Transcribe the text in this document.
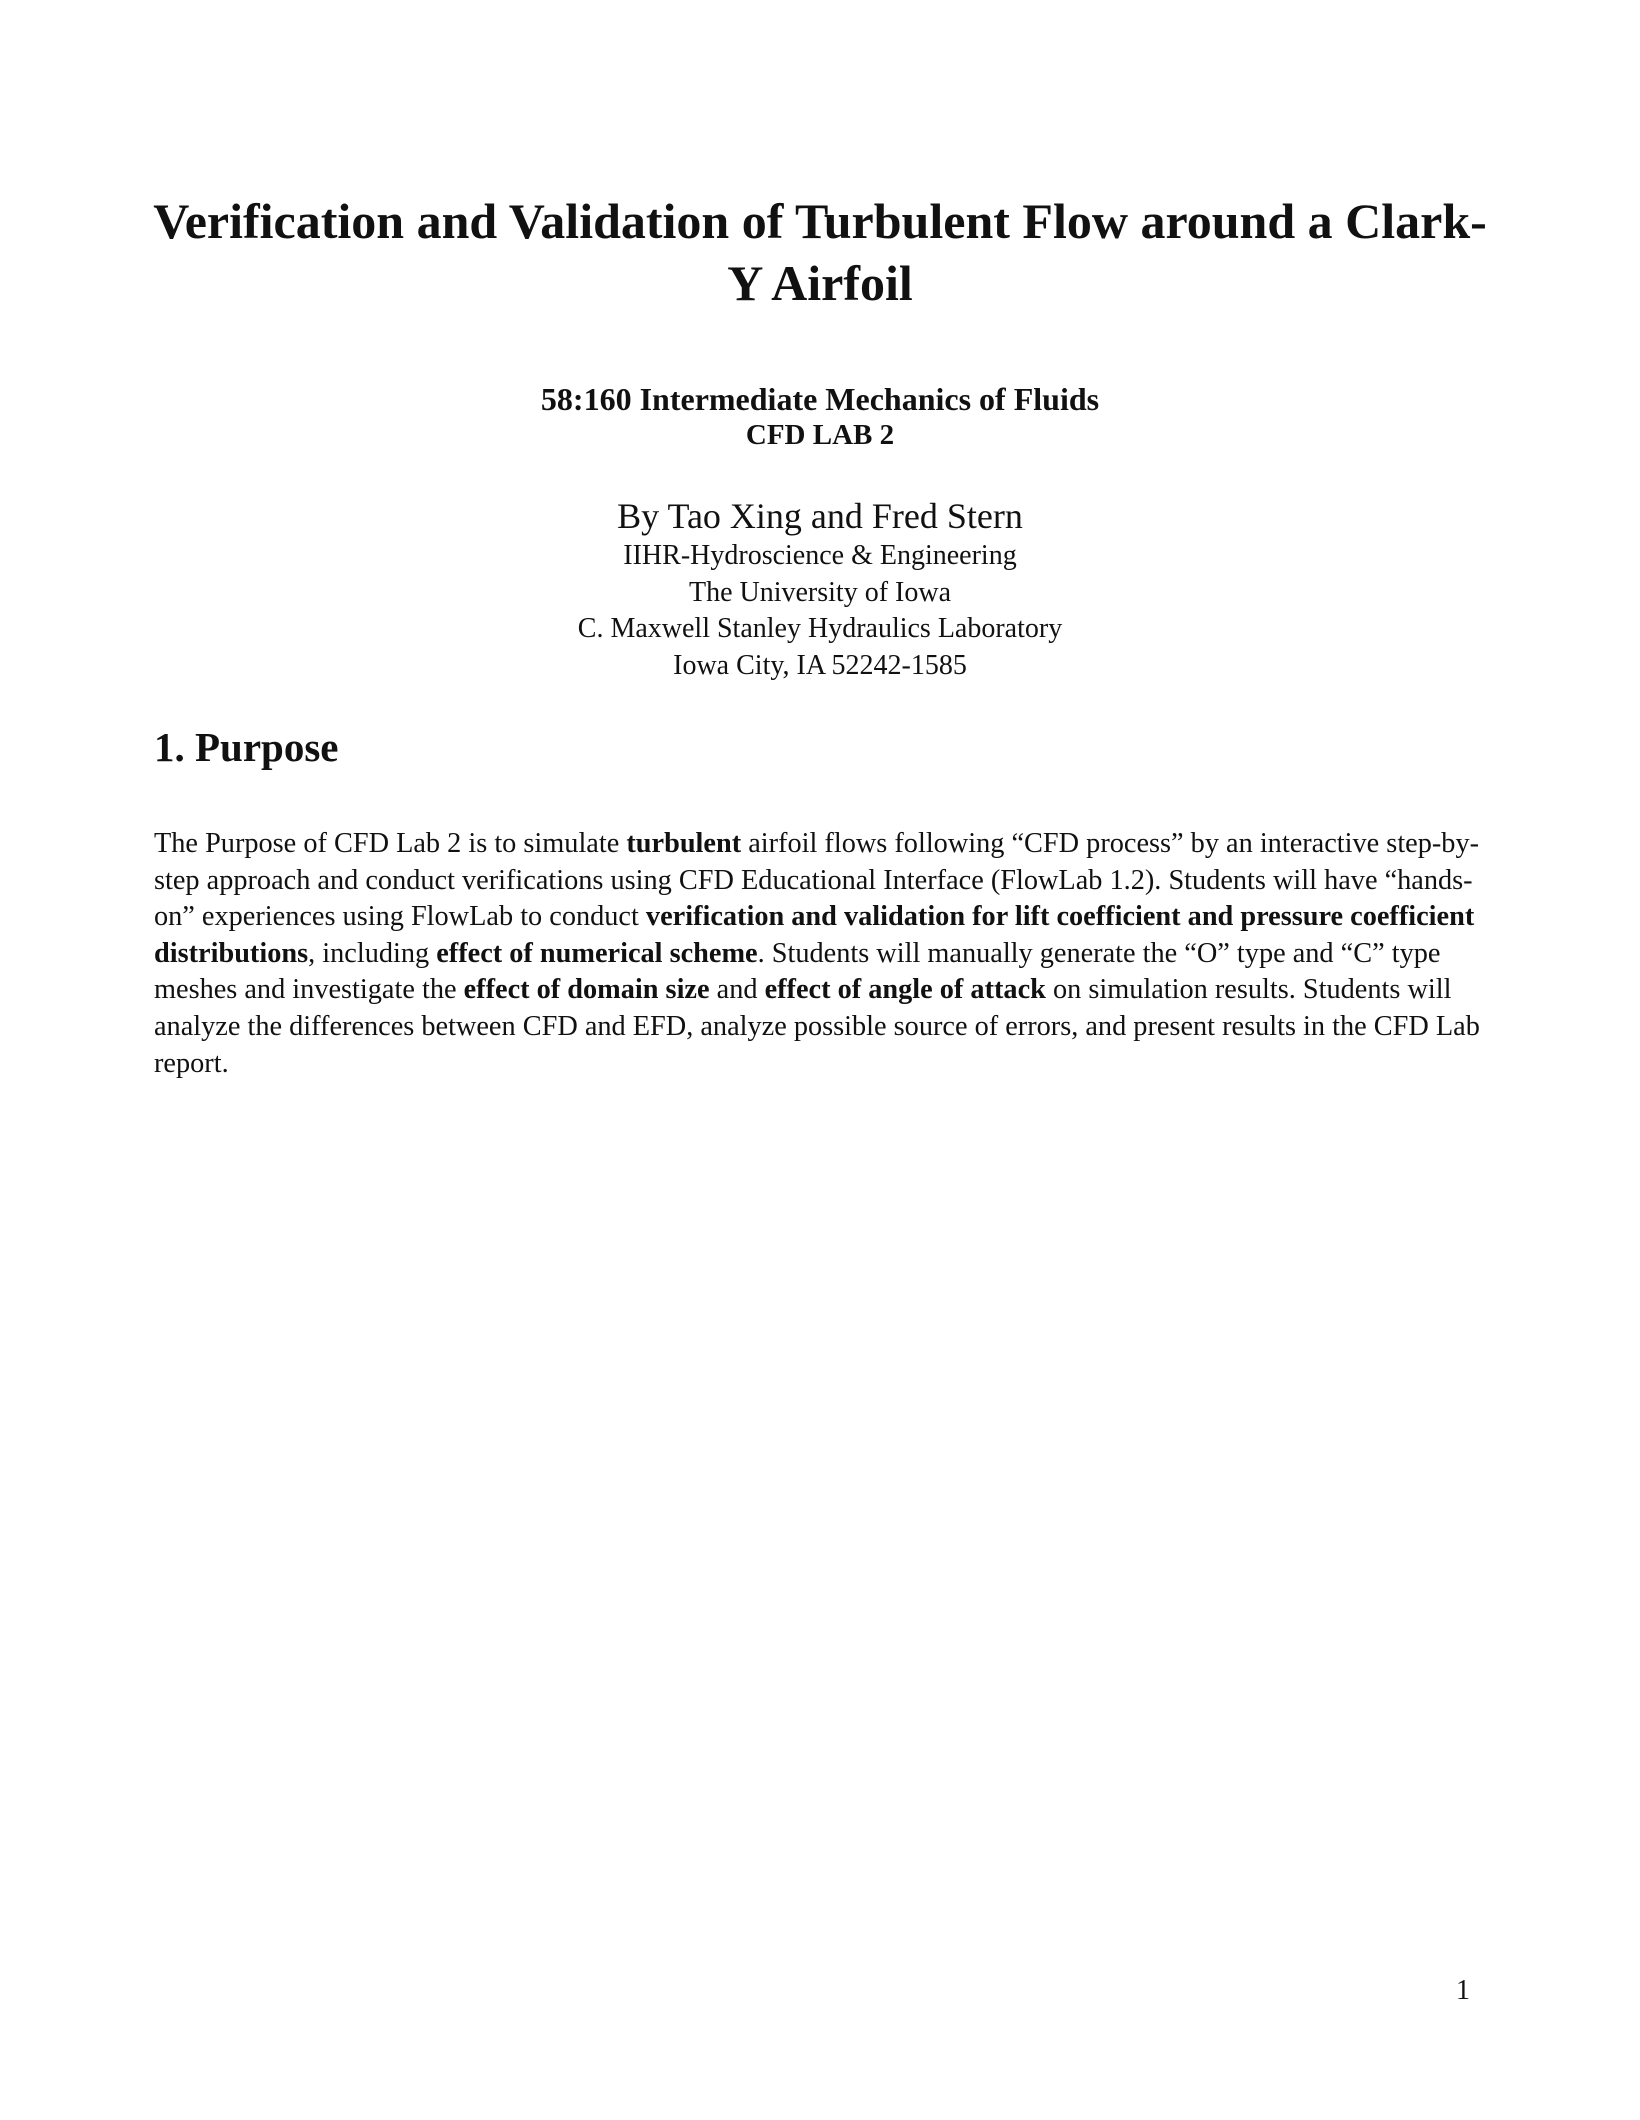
Verification and Validation of Turbulent Flow around a Clark-Y Airfoil
58:160 Intermediate Mechanics of Fluids
CFD LAB 2
By Tao Xing and Fred Stern
IIHR-Hydroscience & Engineering
The University of Iowa
C. Maxwell Stanley Hydraulics Laboratory
Iowa City, IA 52242-1585
1. Purpose

The Purpose of CFD Lab 2 is to simulate turbulent airfoil flows following “CFD process” by an interactive step-by-step approach and conduct verifications using CFD Educational Interface (FlowLab 1.2). Students will have “hands-on” experiences using FlowLab to conduct verification and validation for lift coefficient and pressure coefficient distributions, including effect of numerical scheme. Students will manually generate the “O” type and “C” type meshes and investigate the effect of domain size and effect of angle of attack on simulation results. Students will analyze the differences between CFD and EFD, analyze possible source of errors, and present results in the CFD Lab report.

1
